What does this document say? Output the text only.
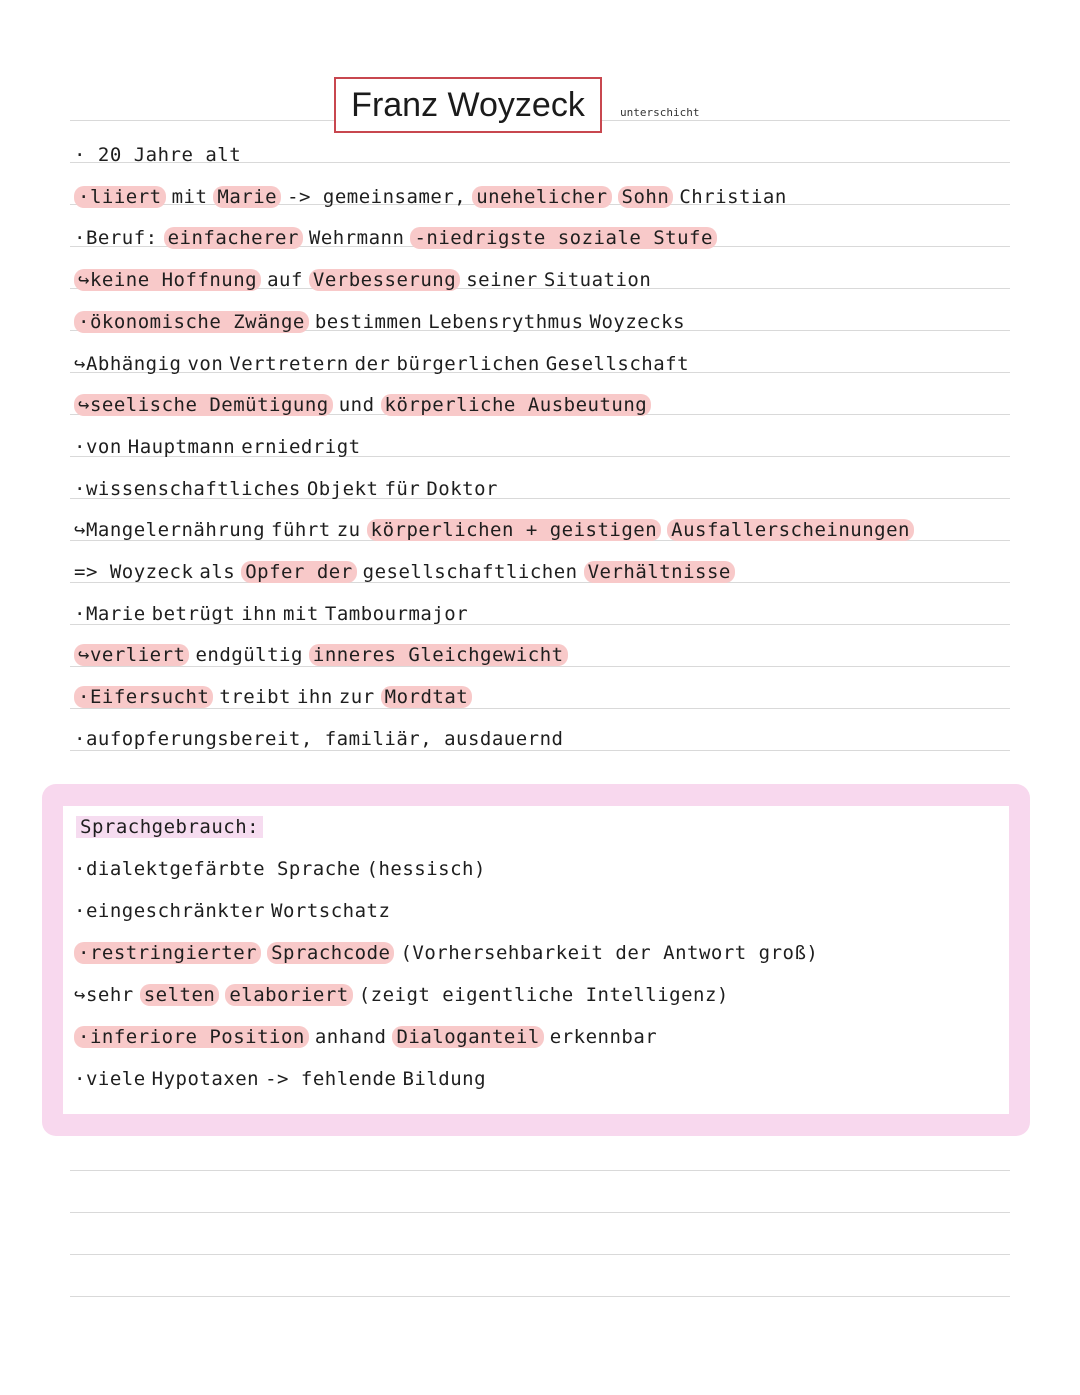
Franz Woyzeck	unterschicht
· 20 Jahre alt
·liiert mit Marie -> gemeinsamer, unehelicher Sohn Christian
·Beruf: einfacherer Wehrmann -niedrigste soziale Stufe
↪keine Hoffnung auf Verbesserung seiner Situation
·ökonomische Zwänge bestimmen Lebensrythmus Woyzecks
↪Abhängig von Vertretern der bürgerlichen Gesellschaft
↪seelische Demütigung und körperliche Ausbeutung
·von Hauptmann erniedrigt
·wissenschaftliches Objekt für Doktor
↪Mangelernährung führt zu körperlichen + geistigen Ausfallerscheinungen
=> Woyzeck als Opfer der gesellschaftlichen Verhältnisse
·Marie betrügt ihn mit Tambourmajor
↪verliert endgültig inneres Gleichgewicht
·Eifersucht treibt ihn zur Mordtat
·aufopferungsbereit, familiär, ausdauernd
Sprachgebrauch:
·dialektgefärbte Sprache (hessisch)
·eingeschränkter Wortschatz
·restringierter Sprachcode (Vorhersehbarkeit der Antwort groß)
↪sehr selten elaboriert (zeigt eigentliche Intelligenz)
·inferiore Position anhand Dialoganteil erkennbar
·viele Hypotaxen -> fehlende Bildung
